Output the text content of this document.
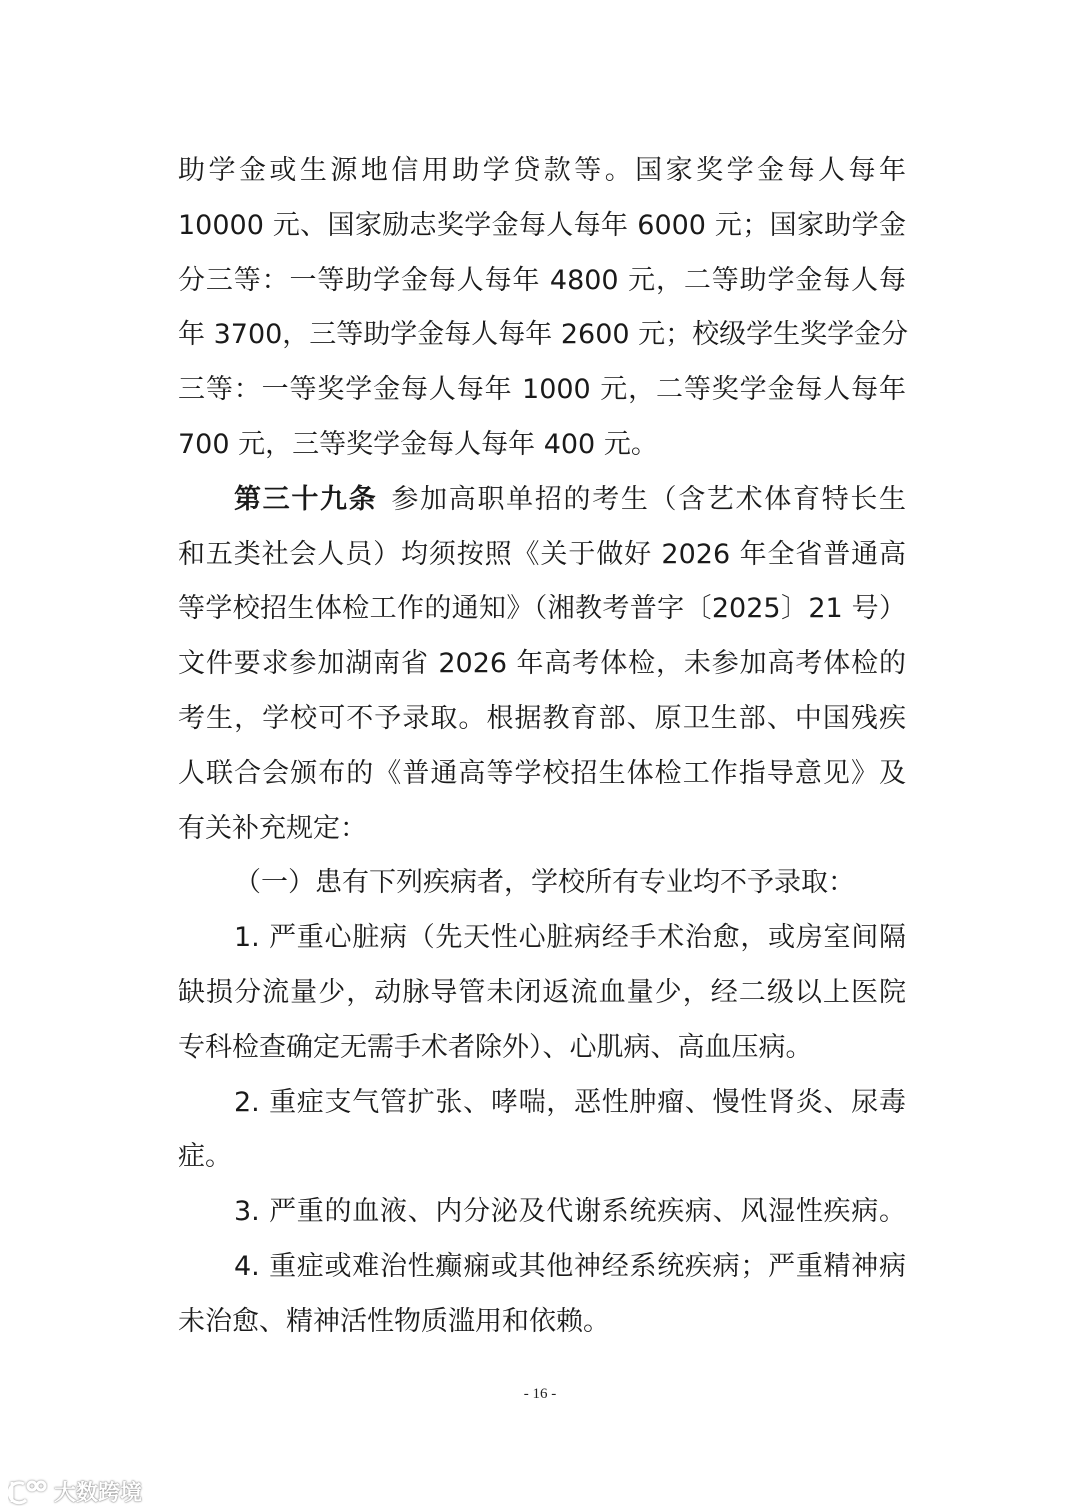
助学金或生源地信用助学贷款等。国家奖学金每人每年
10000 元、国家励志奖学金每人每年 6000 元；国家助学金
分三等：一等助学金每人每年 4800 元，二等助学金每人每
年 3700，三等助学金每人每年 2600 元；校级学生奖学金分
三等：一等奖学金每人每年 1000 元，二等奖学金每人每年
700 元，三等奖学金每人每年 400 元。
第三十九条 参加高职单招的考生（含艺术体育特长生
和五类社会人员）均须按照《关于做好 2026 年全省普通高
等学校招生体检工作的通知》（湘教考普字〔2025〕21 号）
文件要求参加湖南省 2026 年高考体检，未参加高考体检的
考生，学校可不予录取。根据教育部、原卫生部、中国残疾
人联合会颁布的《普通高等学校招生体检工作指导意见》及
有关补充规定：
（一）患有下列疾病者，学校所有专业均不予录取：
1. 严重心脏病（先天性心脏病经手术治愈，或房室间隔
缺损分流量少，动脉导管未闭返流血量少，经二级以上医院
专科检查确定无需手术者除外）、心肌病、高血压病。
2. 重症支气管扩张、哮喘，恶性肿瘤、慢性肾炎、尿毒
症。
3. 严重的血液、内分泌及代谢系统疾病、风湿性疾病。
4. 重症或难治性癫痫或其他神经系统疾病；严重精神病
未治愈、精神活性物质滥用和依赖。
- 16 -
大数跨境
